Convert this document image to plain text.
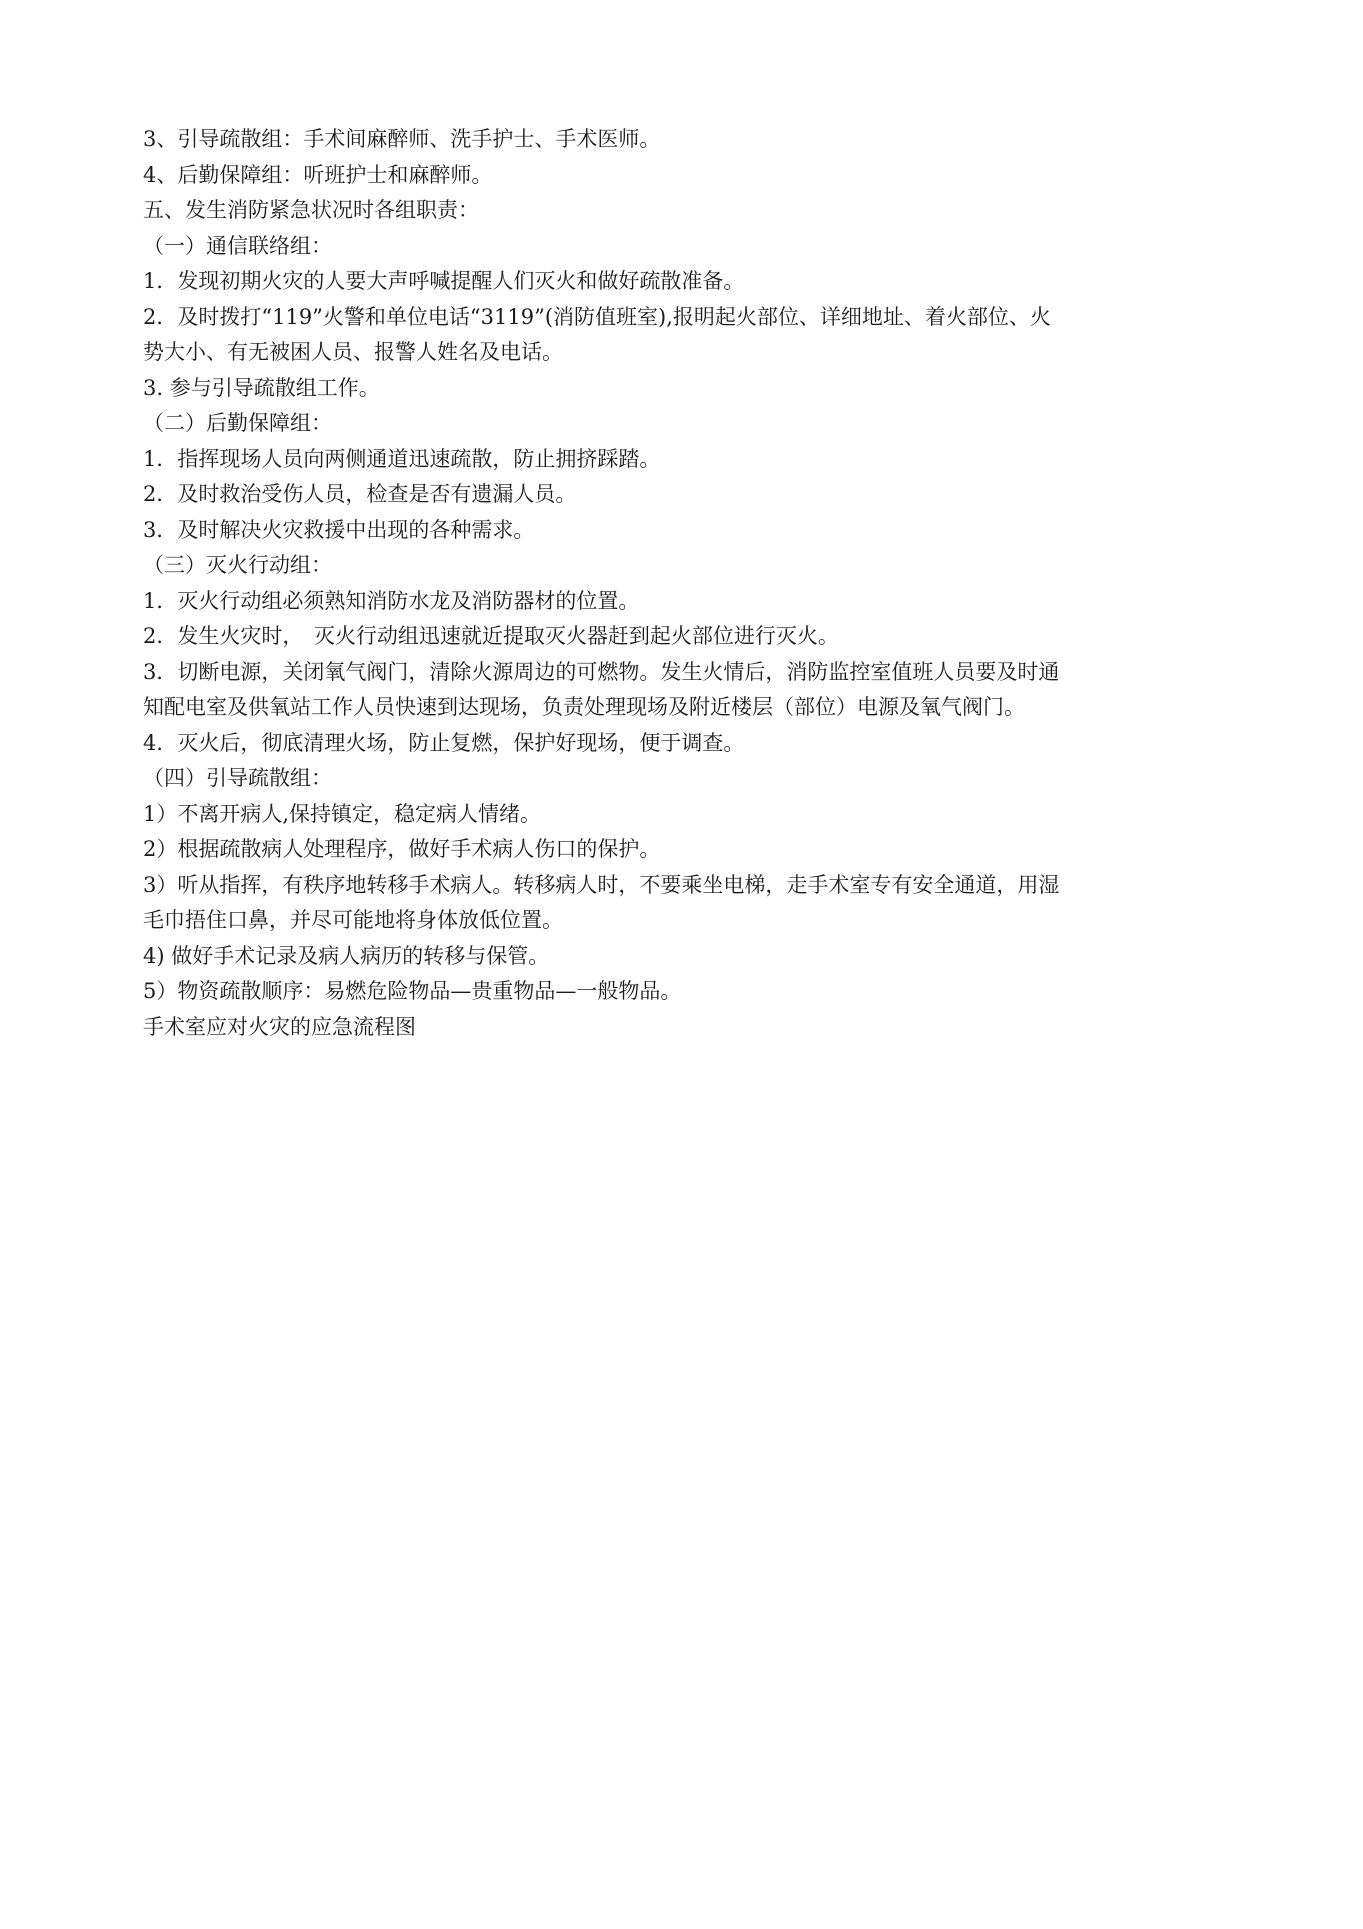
3、引导疏散组：手术间麻醉师、洗手护士、手术医师。
4、后勤保障组：听班护士和麻醉师。
五、发生消防紧急状况时各组职责：
（一）通信联络组：
1．发现初期火灾的人要大声呼喊提醒人们灭火和做好疏散准备。
2．及时拨打“119”火警和单位电话“3119”(消防值班室),报明起火部位、详细地址、着火部位、火
势大小、有无被困人员、报警人姓名及电话。
3. 参与引导疏散组工作。
（二）后勤保障组：
1．指挥现场人员向两侧通道迅速疏散，防止拥挤踩踏。
2．及时救治受伤人员，检查是否有遗漏人员。
3．及时解决火灾救援中出现的各种需求。
（三）灭火行动组：
1．灭火行动组必须熟知消防水龙及消防器材的位置。
2．发生火灾时，　灭火行动组迅速就近提取灭火器赶到起火部位进行灭火。
3．切断电源，关闭氧气阀门，清除火源周边的可燃物。发生火情后，消防监控室值班人员要及时通
知配电室及供氧站工作人员快速到达现场，负责处理现场及附近楼层（部位）电源及氧气阀门。
4．灭火后，彻底清理火场，防止复燃，保护好现场，便于调查。
（四）引导疏散组：
1）不离开病人,保持镇定，稳定病人情绪。
2）根据疏散病人处理程序，做好手术病人伤口的保护。
3）听从指挥，有秩序地转移手术病人。转移病人时，不要乘坐电梯，走手术室专有安全通道，用湿
毛巾捂住口鼻，并尽可能地将身体放低位置。
4) 做好手术记录及病人病历的转移与保管。
5）物资疏散顺序：易燃危险物品—贵重物品—一般物品。
手术室应对火灾的应急流程图
